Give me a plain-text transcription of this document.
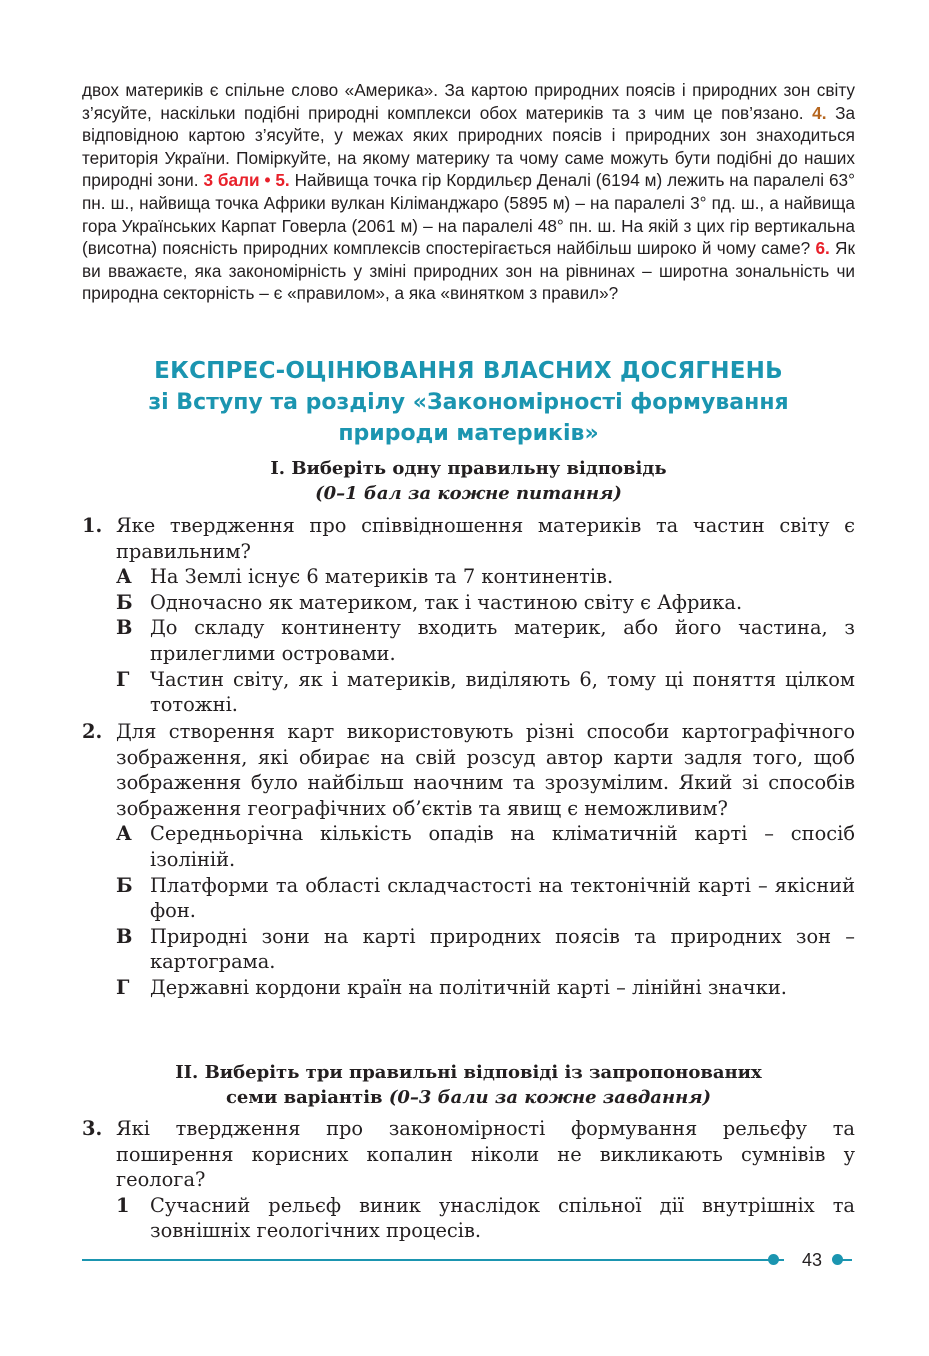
двох материків є спільне слово «Америка». За картою природних поясів і природних зон світу з’ясуйте, наскільки подібні природні комплекси обох материків та з чим це пов’язано. 4. За відповідною картою з’ясуйте, у межах яких природних поясів і природних зон знаходиться територія України. Поміркуйте, на якому материку та чому саме можуть бути подібні до наших природні зони. 3 бали • 5. Найвища точка гір Кордильєр Деналі (6194 м) лежить на паралелі 63° пн. ш., найвища точка Африки вулкан Кіліманджаро (5895 м) – на паралелі 3° пд. ш., а найвища гора Українських Карпат Говерла (2061 м) – на паралелі 48° пн. ш. На якій з цих гір вертикальна (висотна) поясність природних комплексів спостерігається найбільш широко й чому саме? 6. Як ви вважаєте, яка закономірність у зміні природних зон на рівнинах – широтна зональність чи природна секторність – є «правилом», а яка «винятком з правил»?
ЕКСПРЕС-ОЦІНЮВАННЯ ВЛАСНИХ ДОСЯГНЕНЬ
зі Вступу та розділу «Закономірності формування
природи материків»
I. Виберіть одну правильну відповідь
(0–1 бал за кожне питання)
1. Яке твердження про співвідношення материків та частин світу є правильним?
А На Землі існує 6 материків та 7 континентів.
Б Одночасно як материком, так і частиною світу є Африка.
В До складу континенту входить материк, або його частина, з прилеглими островами.
Г Частин світу, як і материків, виділяють 6, тому ці поняття цілком тотожні.
2. Для створення карт використовують різні способи картографічного зображення, які обирає на свій розсуд автор карти задля того, щоб зображення було найбільш наочним та зрозумілим. Який зі способів зображення географічних об’єктів та явищ є неможливим?
А Середньорічна кількість опадів на кліматичній карті – спосіб ізоліній.
Б Платформи та області складчастості на тектонічній карті – якісний фон.
В Природні зони на карті природних поясів та природних зон – картограма.
Г Державні кордони країн на політичній карті – лінійні значки.
II. Виберіть три правильні відповіді із запропонованих
семи варіантів (0–3 бали за кожне завдання)
3. Які твердження про закономірності формування рельєфу та поширення корисних копалин ніколи не викликають сумнівів у геолога?
1 Сучасний рельєф виник унаслідок спільної дії внутрішніх та зовнішніх геологічних процесів.
43
